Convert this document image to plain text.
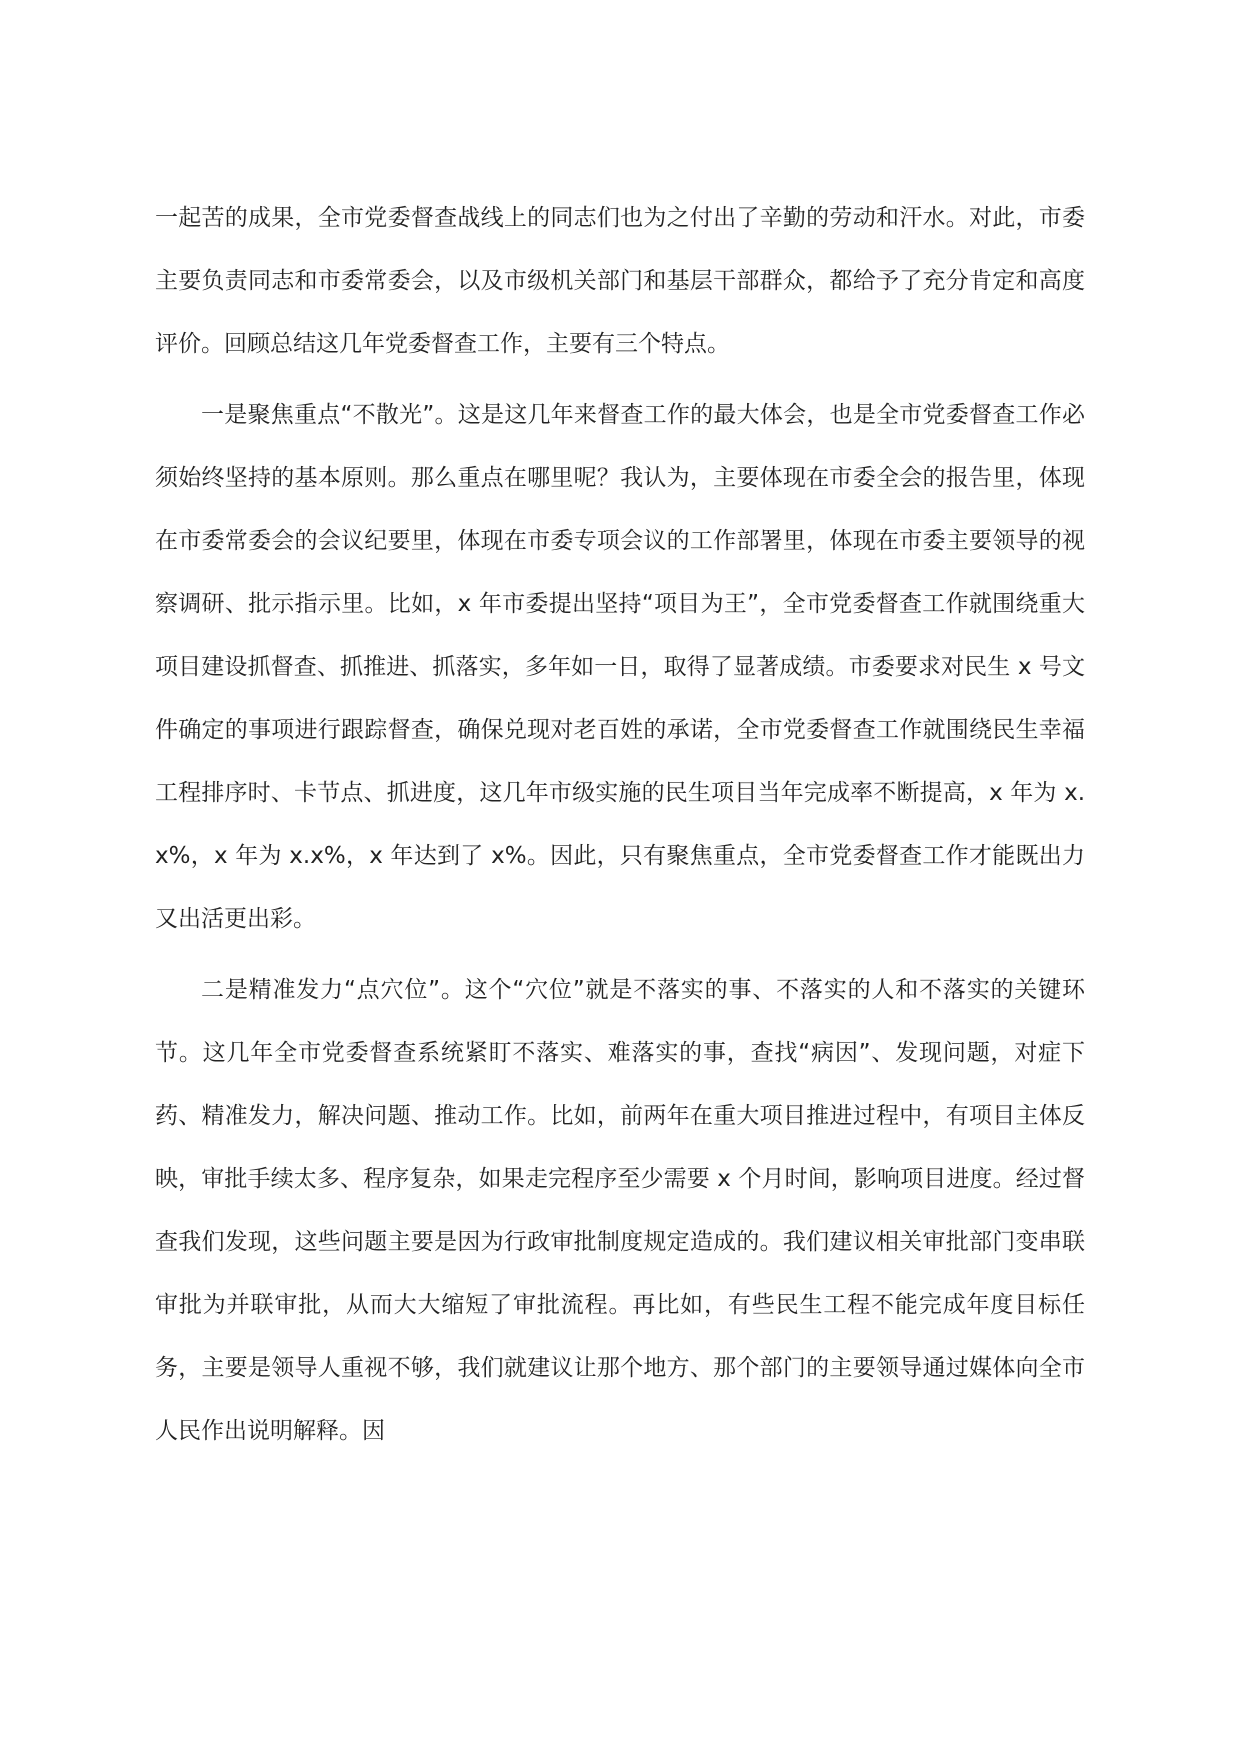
一起苦的成果，全市党委督查战线上的同志们也为之付出了辛勤的劳动和汗水。对此，市委主要负责同志和市委常委会，以及市级机关部门和基层干部群众，都给予了充分肯定和高度评价。回顾总结这几年党委督查工作，主要有三个特点。

一是聚焦重点“不散光”。这是这几年来督查工作的最大体会，也是全市党委督查工作必须始终坚持的基本原则。那么重点在哪里呢？我认为，主要体现在市委全会的报告里，体现在市委常委会的会议纪要里，体现在市委专项会议的工作部署里，体现在市委主要领导的视察调研、批示指示里。比如，x 年市委提出坚持“项目为王”，全市党委督查工作就围绕重大项目建设抓督查、抓推进、抓落实，多年如一日，取得了显著成绩。市委要求对民生 x 号文件确定的事项进行跟踪督查，确保兑现对老百姓的承诺，全市党委督查工作就围绕民生幸福工程排序时、卡节点、抓进度，这几年市级实施的民生项目当年完成率不断提高，x 年为 x.x%，x 年为 x.x%，x 年达到了 x%。因此，只有聚焦重点，全市党委督查工作才能既出力又出活更出彩。

二是精准发力“点穴位”。这个“穴位”就是不落实的事、不落实的人和不落实的关键环节。这几年全市党委督查系统紧盯不落实、难落实的事，查找“病因”、发现问题，对症下药、精准发力，解决问题、推动工作。比如，前两年在重大项目推进过程中，有项目主体反映，审批手续太多、程序复杂，如果走完程序至少需要 x 个月时间，影响项目进度。经过督查我们发现，这些问题主要是因为行政审批制度规定造成的。我们建议相关审批部门变串联审批为并联审批，从而大大缩短了审批流程。再比如，有些民生工程不能完成年度目标任务，主要是领导人重视不够，我们就建议让那个地方、那个部门的主要领导通过媒体向全市人民作出说明解释。因
